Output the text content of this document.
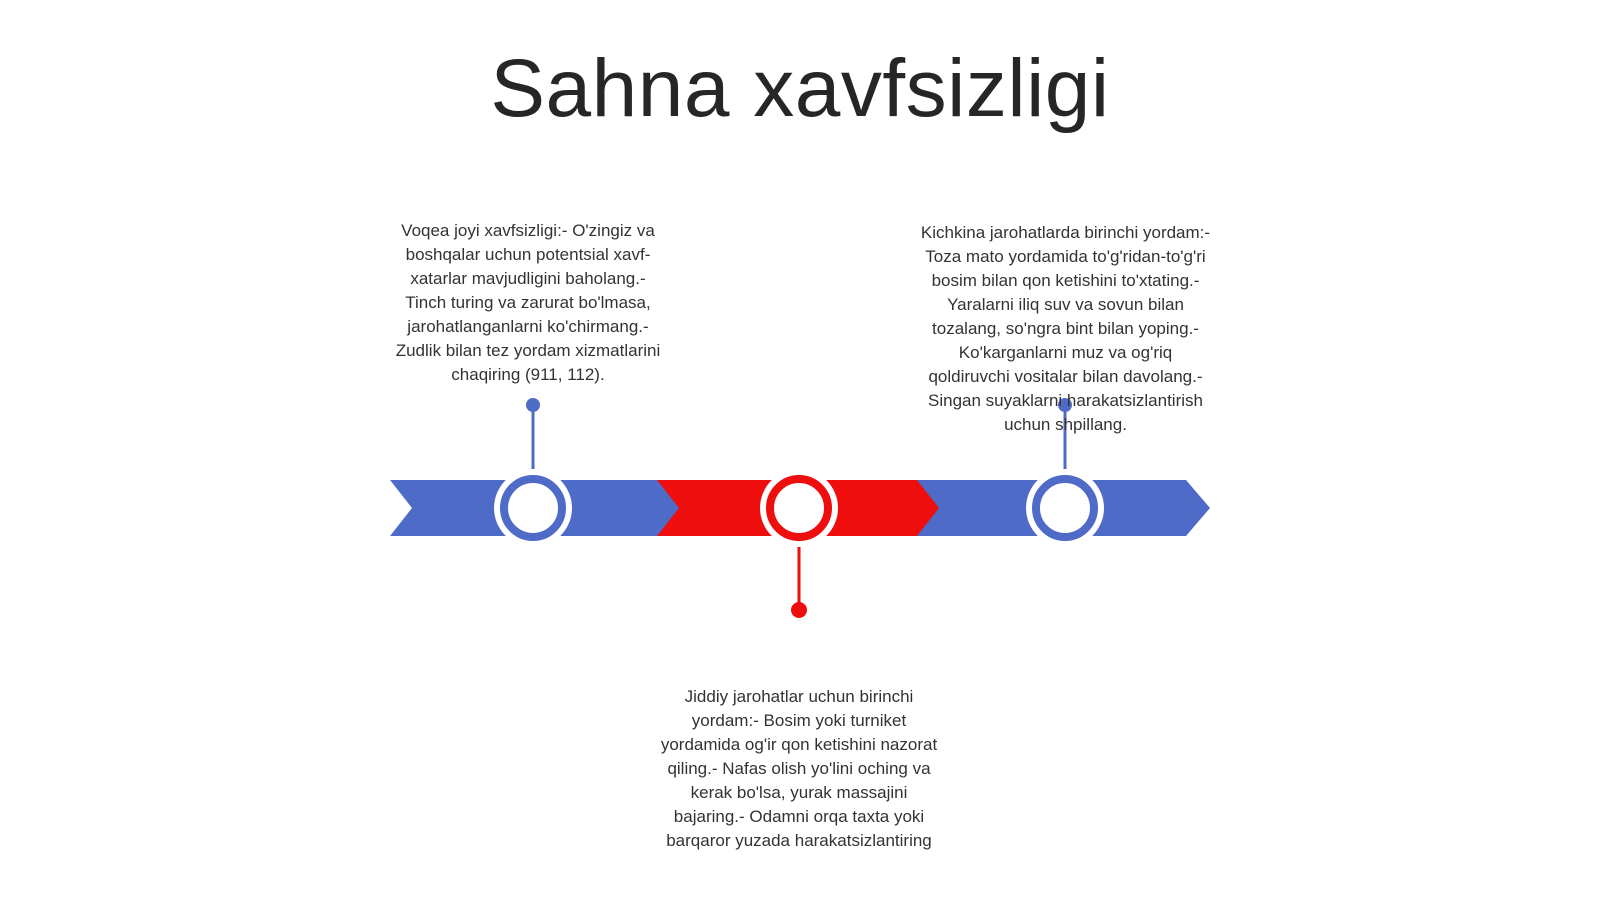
Sahna xavfsizligi
Voqea joyi xavfsizligi:- O'zingiz va boshqalar uchun potentsial xavf-xatarlar mavjudligini baholang.- Tinch turing va zarurat bo'lmasa, jarohatlanganlarni ko'chirmang.- Zudlik bilan tez yordam xizmatlarini chaqiring (911, 112).
Jiddiy jarohatlar uchun birinchi yordam:- Bosim yoki turniket yordamida og'ir qon ketishini nazorat qiling.- Nafas olish yo'lini oching va kerak bo'lsa, yurak massajini bajaring.- Odamni orqa taxta yoki barqaror yuzada harakatsizlantiring
Kichkina jarohatlarda birinchi yordam:- Toza mato yordamida to'g'ridan-to'g'ri bosim bilan qon ketishini to'xtating.- Yaralarni iliq suv va sovun bilan tozalang, so'ngra bint bilan yoping.- Ko'karganlarni muz va og'riq qoldiruvchi vositalar bilan davolang.- Singan suyaklarni harakatsizlantirish uchun shpillang.
